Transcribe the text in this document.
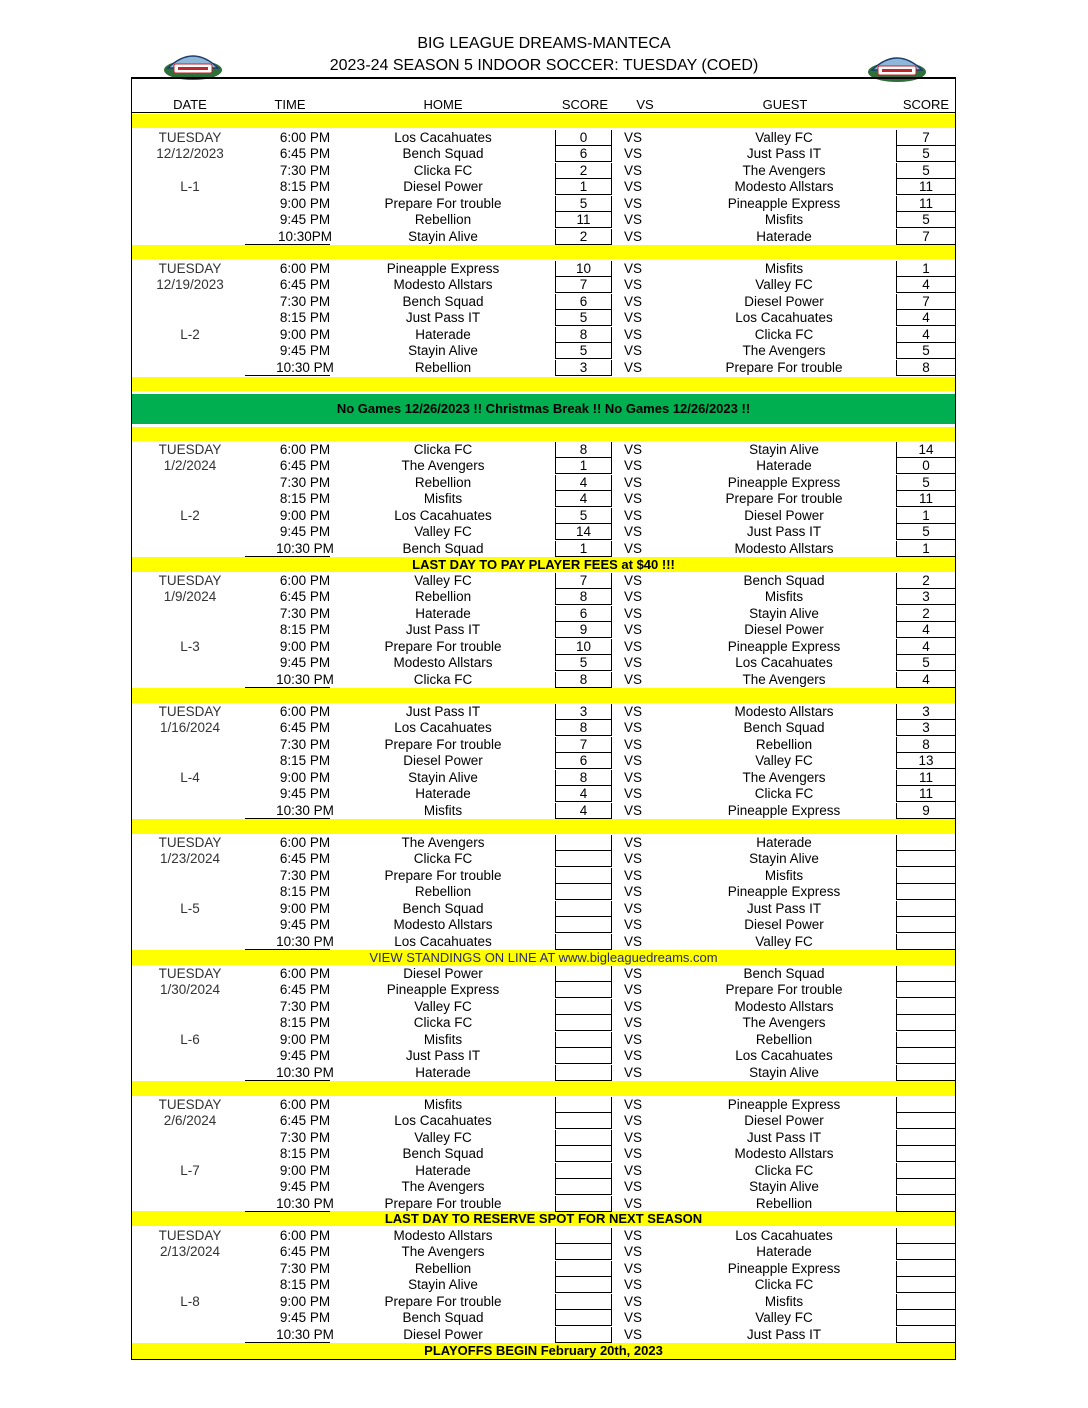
BIG LEAGUE DREAMS-MANTECA
2023-24 SEASON 5 INDOOR SOCCER: TUESDAY (COED)
DATE	TIME	HOME	SCORE	VS	GUEST	SCORE
No Games 12/26/2023 !! Christmas Break !! No Games 12/26/2023 !!
LAST DAY TO PAY PLAYER FEES at $40 !!!
VIEW STANDINGS ON LINE AT www.bigleaguedreams.com
LAST DAY TO RESERVE SPOT FOR NEXT SEASON
PLAYOFFS BEGIN February 20th, 2023
TUESDAY	6:00 PM	Los Cacahuates	0	VS	Valley FC	7
12/12/2023	6:45 PM	Bench Squad	6	VS	Just Pass IT	5
7:30 PM	Clicka FC	2	VS	The Avengers	5
L-1	8:15 PM	Diesel Power	1	VS	Modesto Allstars	11
9:00 PM	Prepare For trouble	5	VS	Pineapple Express	11
9:45 PM	Rebellion	11	VS	Misfits	5
10:30PM	Stayin Alive	2	VS	Haterade	7
TUESDAY	6:00 PM	Pineapple Express	10	VS	Misfits	1
12/19/2023	6:45 PM	Modesto Allstars	7	VS	Valley FC	4
7:30 PM	Bench Squad	6	VS	Diesel Power	7
8:15 PM	Just Pass IT	5	VS	Los Cacahuates	4
L-2	9:00 PM	Haterade	8	VS	Clicka FC	4
9:45 PM	Stayin Alive	5	VS	The Avengers	5
10:30 PM	Rebellion	3	VS	Prepare For trouble	8
TUESDAY	6:00 PM	Clicka FC	8	VS	Stayin Alive	14
1/2/2024	6:45 PM	The Avengers	1	VS	Haterade	0
7:30 PM	Rebellion	4	VS	Pineapple Express	5
8:15 PM	Misfits	4	VS	Prepare For trouble	11
L-2	9:00 PM	Los Cacahuates	5	VS	Diesel Power	1
9:45 PM	Valley FC	14	VS	Just Pass IT	5
10:30 PM	Bench Squad	1	VS	Modesto Allstars	1
TUESDAY	6:00 PM	Valley FC	7	VS	Bench Squad	2
1/9/2024	6:45 PM	Rebellion	8	VS	Misfits	3
7:30 PM	Haterade	6	VS	Stayin Alive	2
8:15 PM	Just Pass IT	9	VS	Diesel Power	4
L-3	9:00 PM	Prepare For trouble	10	VS	Pineapple Express	4
9:45 PM	Modesto Allstars	5	VS	Los Cacahuates	5
10:30 PM	Clicka FC	8	VS	The Avengers	4
TUESDAY	6:00 PM	Just Pass IT	3	VS	Modesto Allstars	3
1/16/2024	6:45 PM	Los Cacahuates	8	VS	Bench Squad	3
7:30 PM	Prepare For trouble	7	VS	Rebellion	8
8:15 PM	Diesel Power	6	VS	Valley FC	13
L-4	9:00 PM	Stayin Alive	8	VS	The Avengers	11
9:45 PM	Haterade	4	VS	Clicka FC	11
10:30 PM	Misfits	4	VS	Pineapple Express	9
TUESDAY	6:00 PM	The Avengers	VS	Haterade
1/23/2024	6:45 PM	Clicka FC	VS	Stayin Alive
7:30 PM	Prepare For trouble	VS	Misfits
8:15 PM	Rebellion	VS	Pineapple Express
L-5	9:00 PM	Bench Squad	VS	Just Pass IT
9:45 PM	Modesto Allstars	VS	Diesel Power
10:30 PM	Los Cacahuates	VS	Valley FC
TUESDAY	6:00 PM	Diesel Power	VS	Bench Squad
1/30/2024	6:45 PM	Pineapple Express	VS	Prepare For trouble
7:30 PM	Valley FC	VS	Modesto Allstars
8:15 PM	Clicka FC	VS	The Avengers
L-6	9:00 PM	Misfits	VS	Rebellion
9:45 PM	Just Pass IT	VS	Los Cacahuates
10:30 PM	Haterade	VS	Stayin Alive
TUESDAY	6:00 PM	Misfits	VS	Pineapple Express
2/6/2024	6:45 PM	Los Cacahuates	VS	Diesel Power
7:30 PM	Valley FC	VS	Just Pass IT
8:15 PM	Bench Squad	VS	Modesto Allstars
L-7	9:00 PM	Haterade	VS	Clicka FC
9:45 PM	The Avengers	VS	Stayin Alive
10:30 PM	Prepare For trouble	VS	Rebellion
TUESDAY	6:00 PM	Modesto Allstars	VS	Los Cacahuates
2/13/2024	6:45 PM	The Avengers	VS	Haterade
7:30 PM	Rebellion	VS	Pineapple Express
8:15 PM	Stayin Alive	VS	Clicka FC
L-8	9:00 PM	Prepare For trouble	VS	Misfits
9:45 PM	Bench Squad	VS	Valley FC
10:30 PM	Diesel Power	VS	Just Pass IT
